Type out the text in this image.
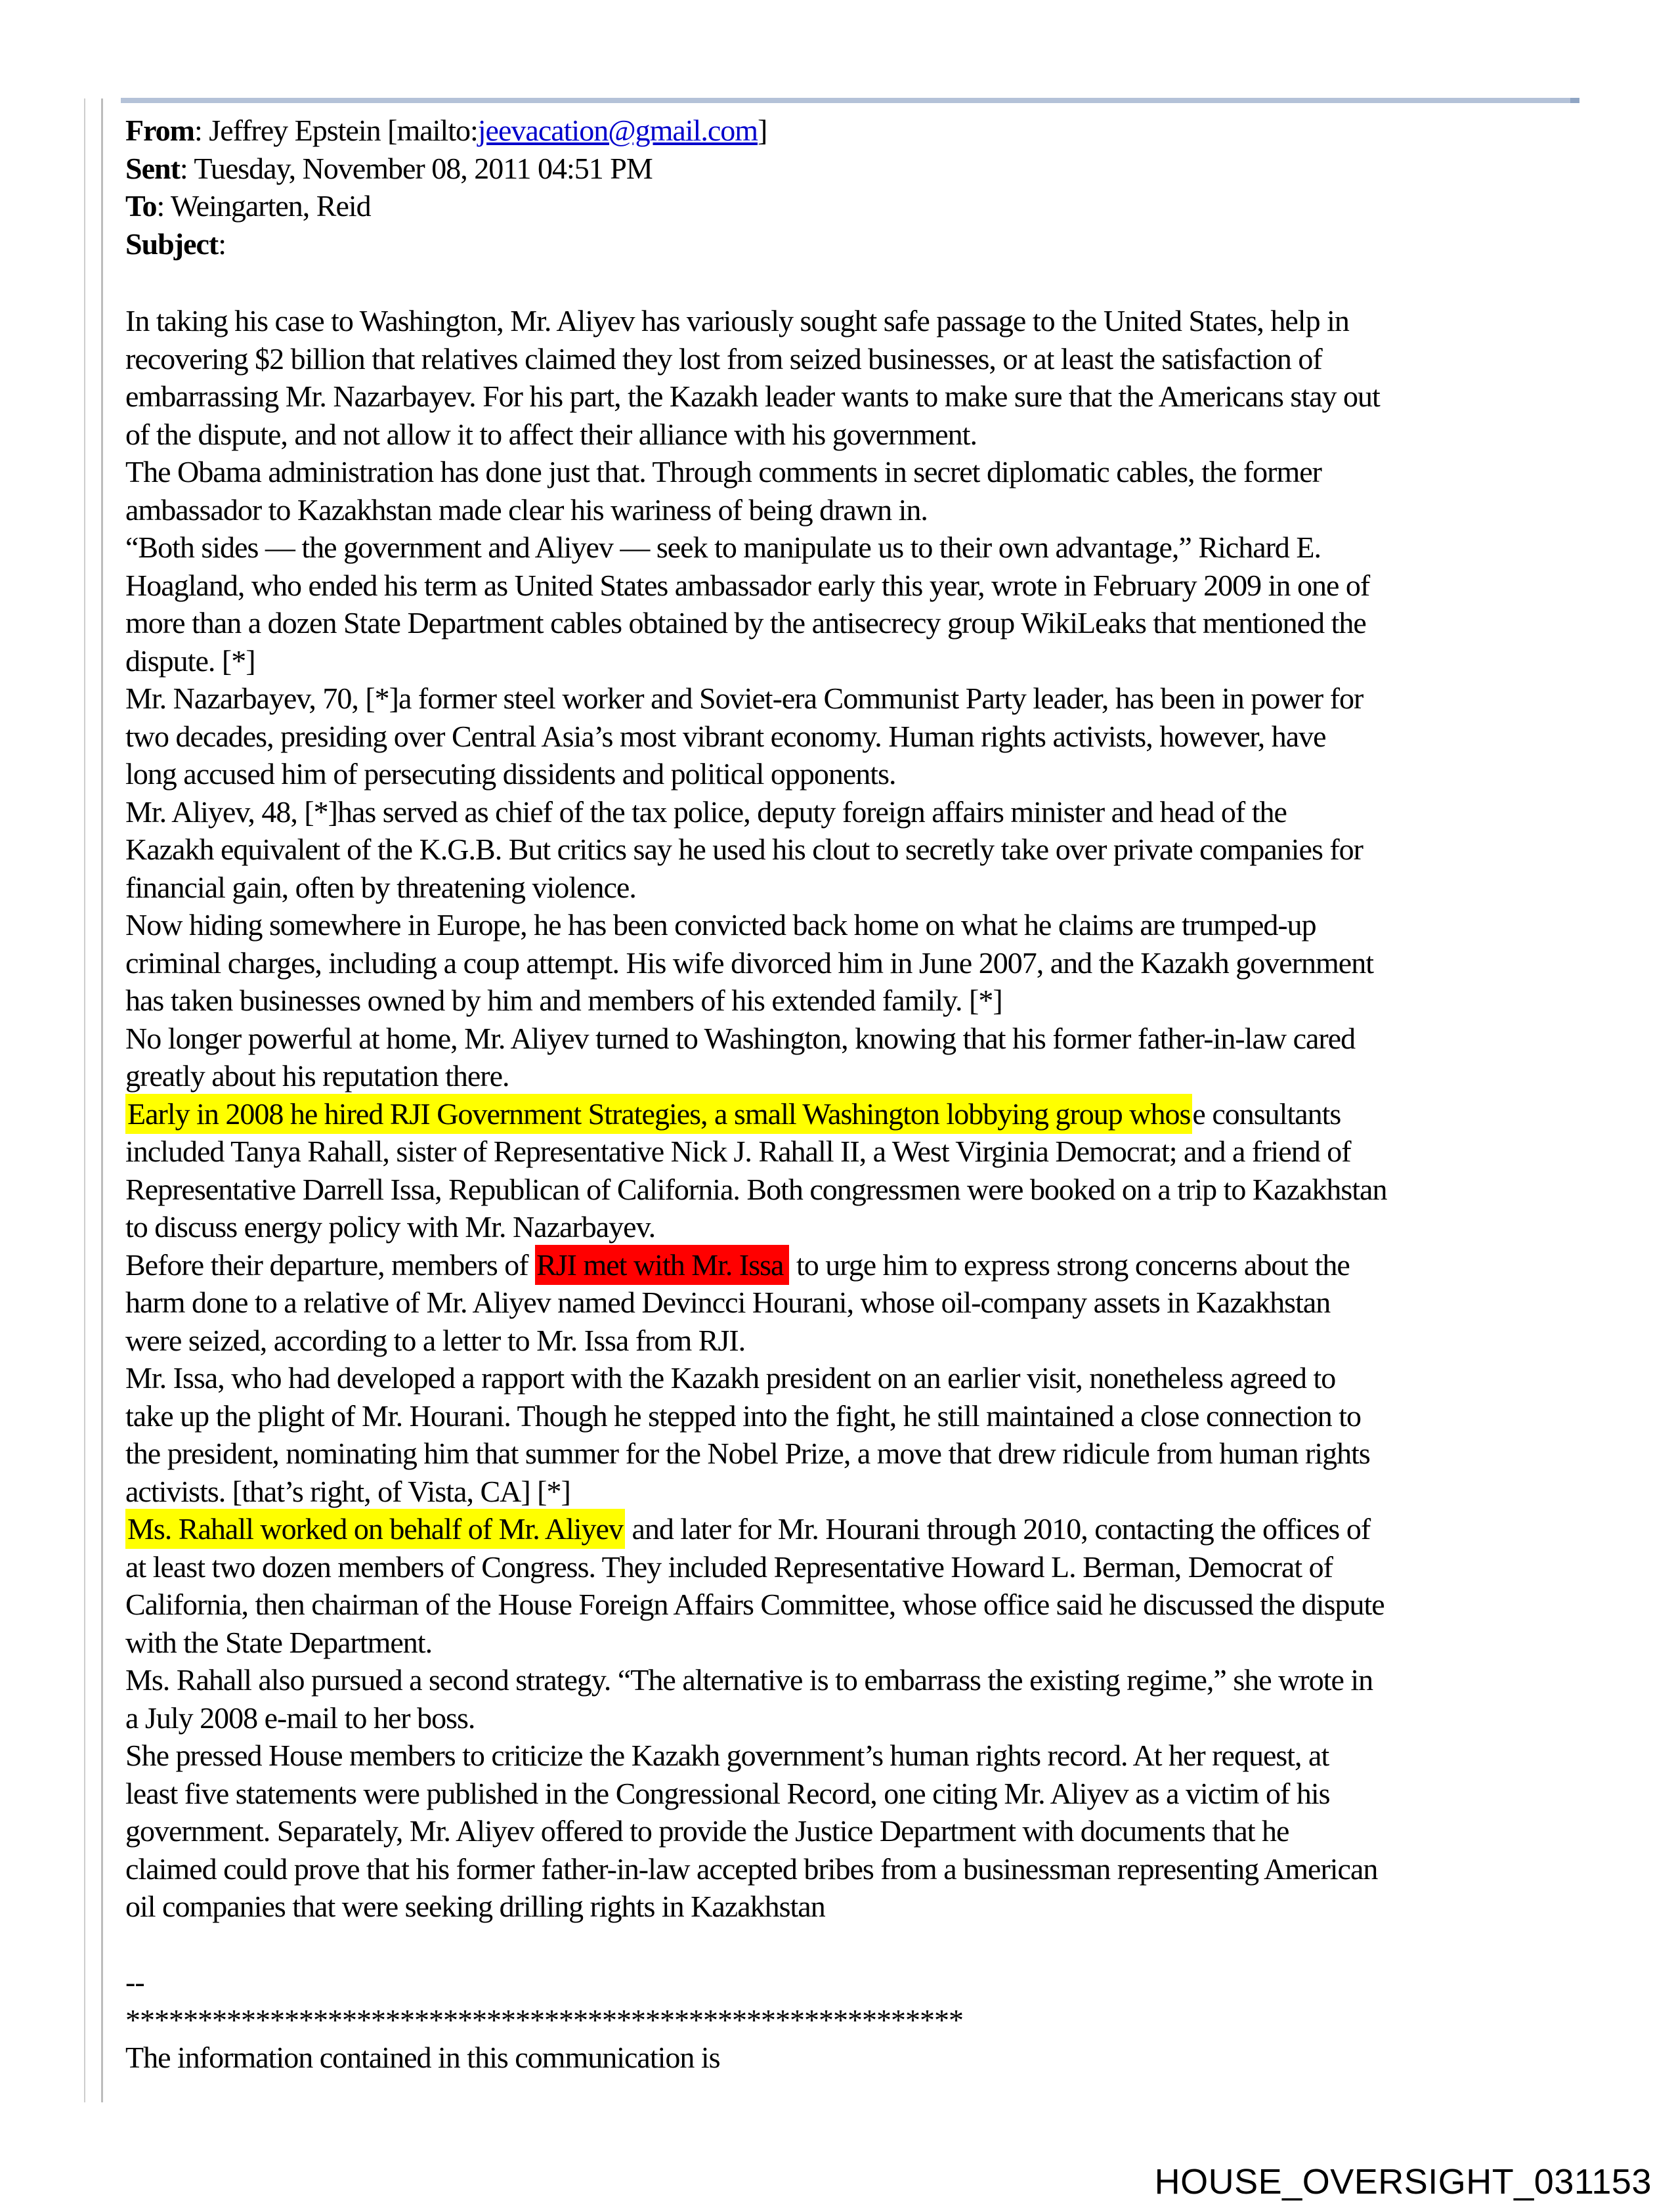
From: Jeffrey Epstein [mailto:jeevacation@gmail.com]
Sent: Tuesday, November 08, 2011 04:51 PM
To: Weingarten, Reid
Subject:
In taking his case to Washington, Mr. Aliyev has variously sought safe passage to the United States, help in
recovering $2 billion that relatives claimed they lost from seized businesses, or at least the satisfaction of
embarrassing Mr. Nazarbayev. For his part, the Kazakh leader wants to make sure that the Americans stay out
of the dispute, and not allow it to affect their alliance with his government.
The Obama administration has done just that. Through comments in secret diplomatic cables, the former
ambassador to Kazakhstan made clear his wariness of being drawn in.
“Both sides — the government and Aliyev — seek to manipulate us to their own advantage,” Richard E.
Hoagland, who ended his term as United States ambassador early this year, wrote in February 2009 in one of
more than a dozen State Department cables obtained by the antisecrecy group WikiLeaks that mentioned the
dispute. [*]
Mr. Nazarbayev, 70, [*]a former steel worker and Soviet-era Communist Party leader, has been in power for
two decades, presiding over Central Asia’s most vibrant economy. Human rights activists, however, have
long accused him of persecuting dissidents and political opponents.
Mr. Aliyev, 48, [*]has served as chief of the tax police, deputy foreign affairs minister and head of the
Kazakh equivalent of the K.G.B. But critics say he used his clout to secretly take over private companies for
financial gain, often by threatening violence.
Now hiding somewhere in Europe, he has been convicted back home on what he claims are trumped-up
criminal charges, including a coup attempt. His wife divorced him in June 2007, and the Kazakh government
has taken businesses owned by him and members of his extended family. [*]
No longer powerful at home, Mr. Aliyev turned to Washington, knowing that his former father-in-law cared
greatly about his reputation there.
Early in 2008 he hired RJI Government Strategies, a small Washington lobbying group whose consultants
included Tanya Rahall, sister of Representative Nick J. Rahall II, a West Virginia Democrat; and a friend of
Representative Darrell Issa, Republican of California. Both congressmen were booked on a trip to Kazakhstan
to discuss energy policy with Mr. Nazarbayev.
Before their departure, members of RJI met with Mr. Issa to urge him to express strong concerns about the
harm done to a relative of Mr. Aliyev named Devincci Hourani, whose oil-company assets in Kazakhstan
were seized, according to a letter to Mr. Issa from RJI.
Mr. Issa, who had developed a rapport with the Kazakh president on an earlier visit, nonetheless agreed to
take up the plight of Mr. Hourani. Though he stepped into the fight, he still maintained a close connection to
the president, nominating him that summer for the Nobel Prize, a move that drew ridicule from human rights
activists. [that’s right, of Vista, CA] [*]
Ms. Rahall worked on behalf of Mr. Aliyev and later for Mr. Hourani through 2010, contacting the offices of
at least two dozen members of Congress. They included Representative Howard L. Berman, Democrat of
California, then chairman of the House Foreign Affairs Committee, whose office said he discussed the dispute
with the State Department.
Ms. Rahall also pursued a second strategy. “The alternative is to embarrass the existing regime,” she wrote in
a July 2008 e-mail to her boss.
She pressed House members to criticize the Kazakh government’s human rights record. At her request, at
least five statements were published in the Congressional Record, one citing Mr. Aliyev as a victim of his
government. Separately, Mr. Aliyev offered to provide the Justice Department with documents that he
claimed could prove that his former father-in-law accepted bribes from a businessman representing American
oil companies that were seeking drilling rights in Kazakhstan

--
**********************************************************
The information contained in this communication is
HOUSE_OVERSIGHT_031153
